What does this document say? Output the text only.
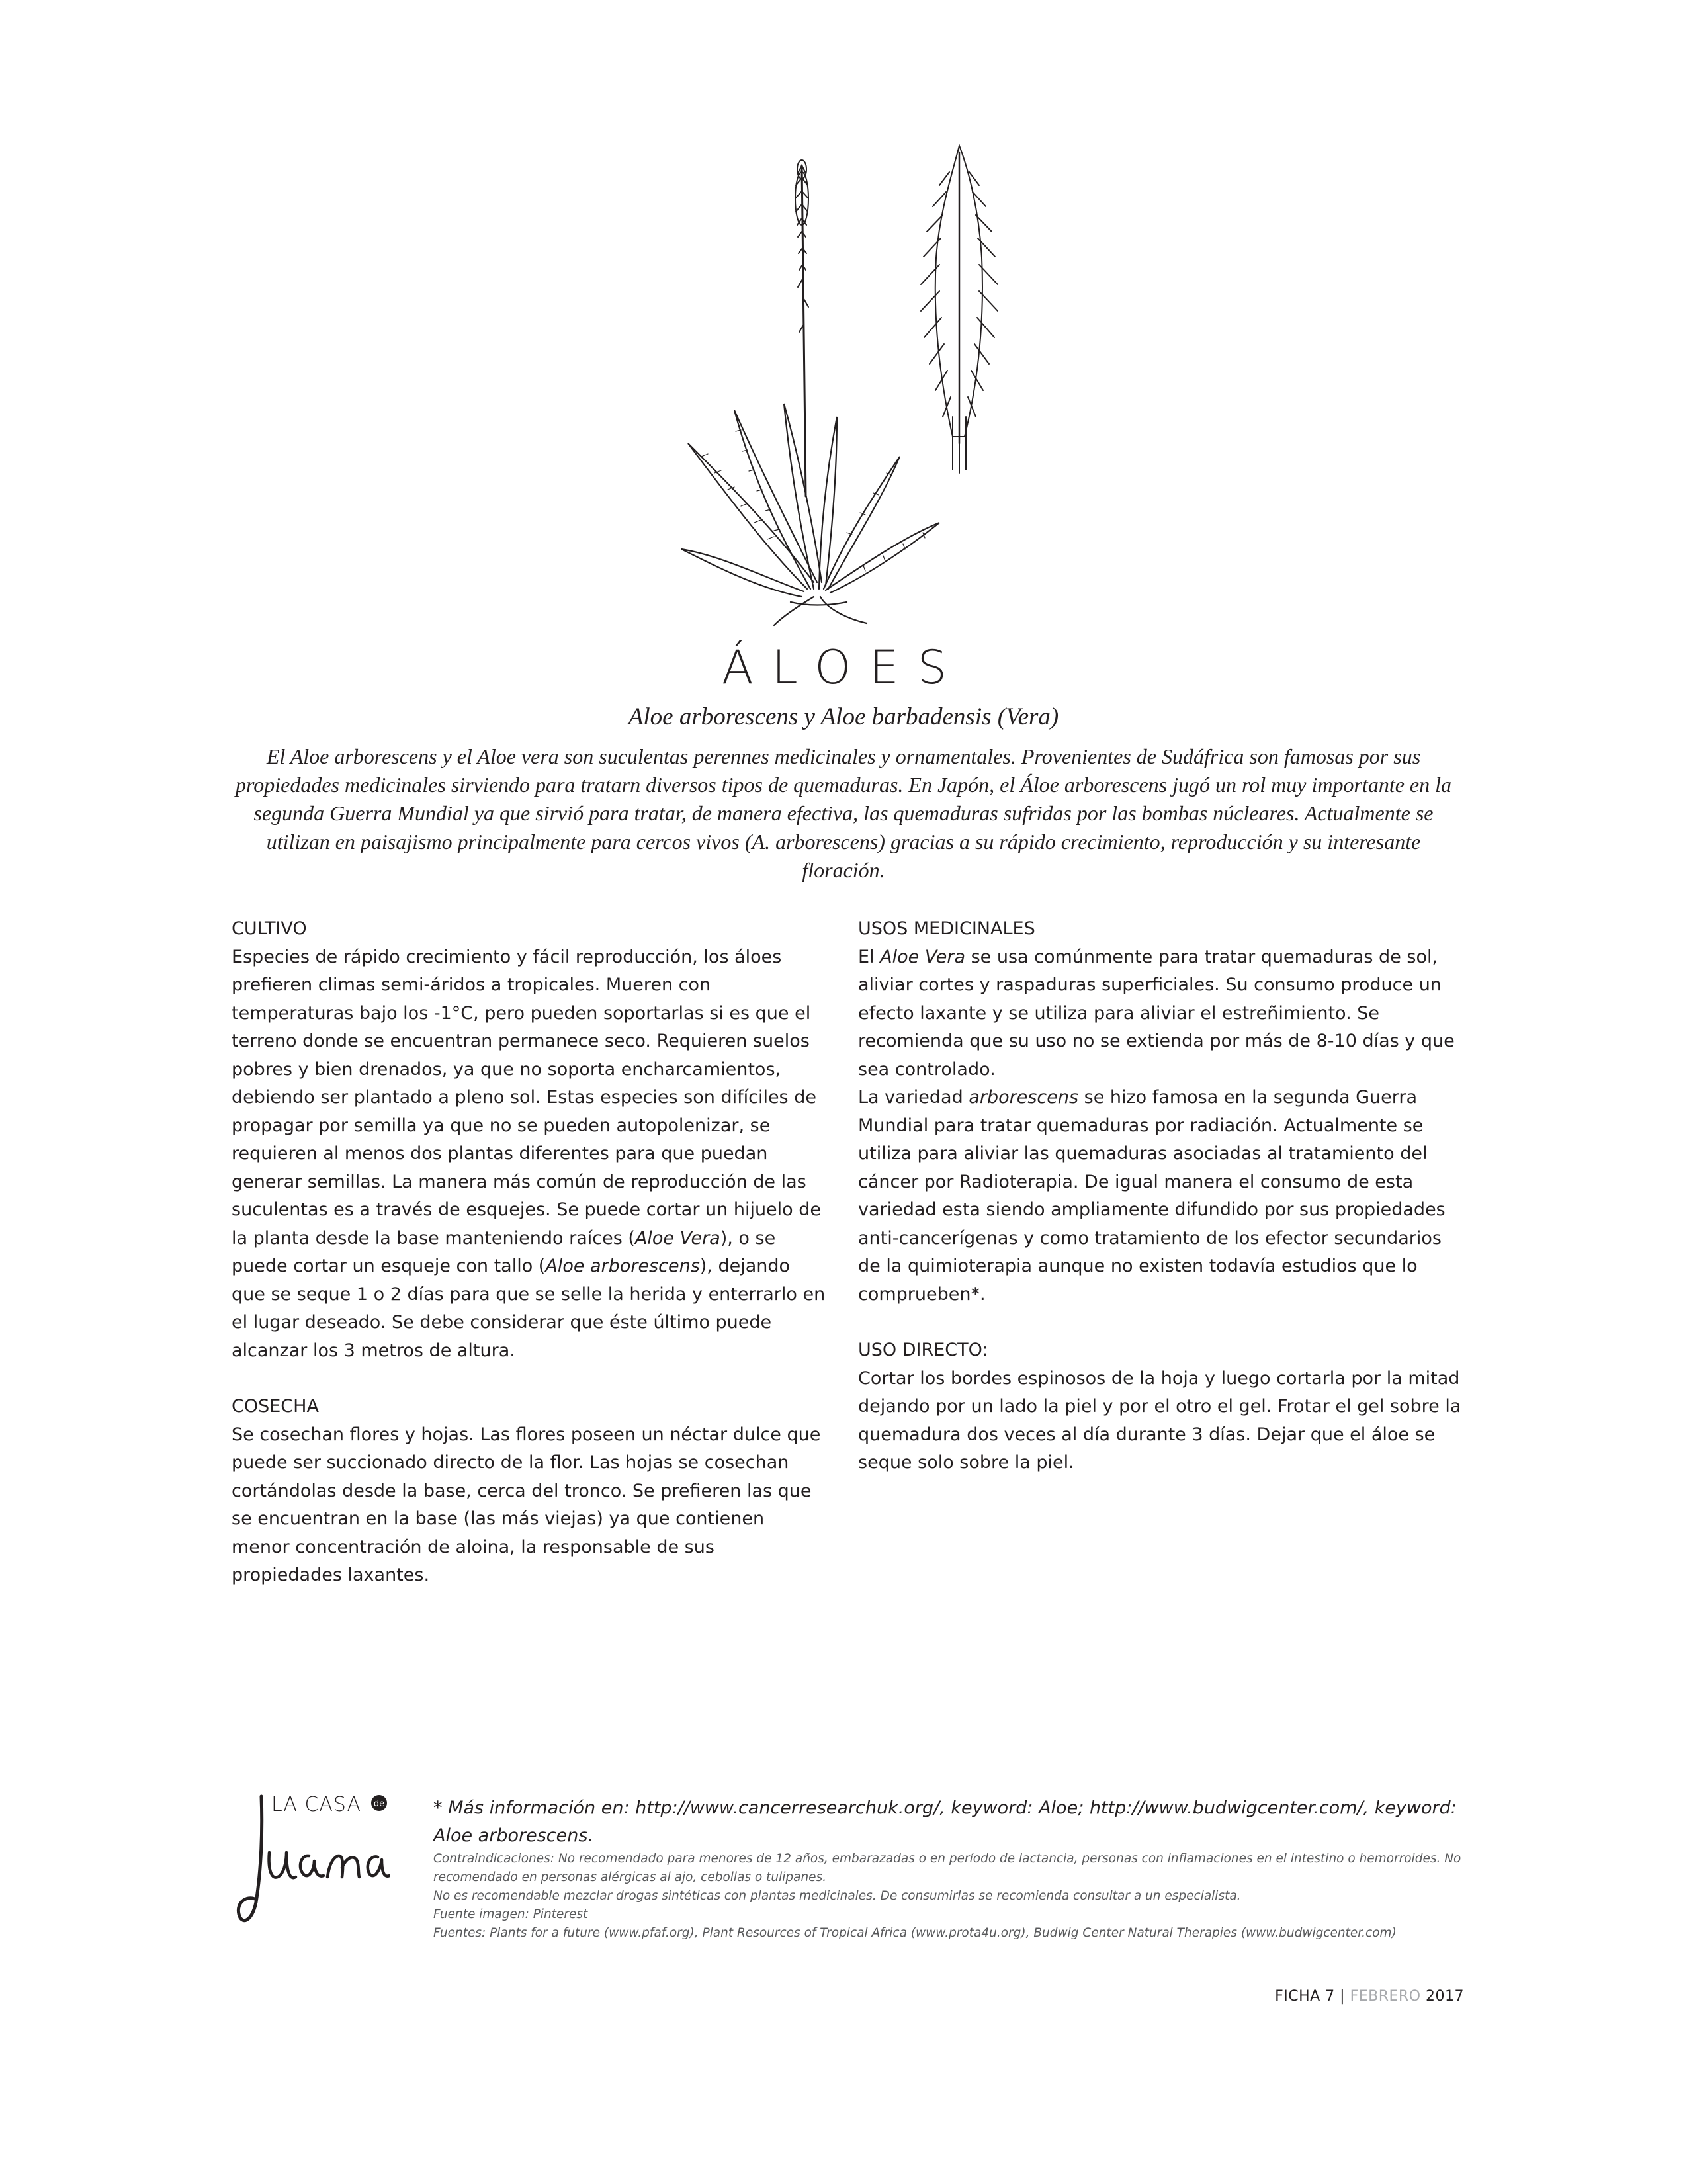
ÁLOES
Aloe arborescens y Aloe barbadensis (Vera)

El Aloe arborescens y el Aloe vera son suculentas perennes medicinales y ornamentales. Provenientes de Sudáfrica son famosas por sus propiedades medicinales sirviendo para tratarn diversos tipos de quemaduras. En Japón, el Áloe arborescens jugó un rol muy importante en la segunda Guerra Mundial ya que sirvió para tratar, de manera efectiva, las quemaduras sufridas por las bombas núcleares. Actualmente se utilizan en paisajismo principalmente para cercos vivos (A. arborescens) gracias a su rápido crecimiento, reproducción y su interesante floración.

CULTIVO

Especies de rápido crecimiento y fácil reproducción, los áloes prefieren climas semi-áridos a tropicales. Mueren con temperaturas bajo los -1°C, pero pueden soportarlas si es que el terreno donde se encuentran permanece seco. Requieren suelos pobres y bien drenados, ya que no soporta encharcamientos, debiendo ser plantado a pleno sol. Estas especies son difíciles de propagar por semilla ya que no se pueden autopolenizar, se requieren al menos dos plantas diferentes para que puedan generar semillas. La manera más común de reproducción de las suculentas es a través de esquejes. Se puede cortar un hijuelo de la planta desde la base manteniendo raíces (Aloe Vera), o se puede cortar un esqueje con tallo (Aloe arborescens), dejando que se seque 1 o 2 días para que se selle la herida y enterrarlo en el lugar deseado. Se debe considerar que éste último puede alcanzar los 3 metros de altura.

COSECHA

Se cosechan flores y hojas. Las flores poseen un néctar dulce que puede ser succionado directo de la flor. Las hojas se cosechan cortándolas desde la base, cerca del tronco. Se prefieren las que se encuentran en la base (las más viejas) ya que contienen menor concentración de aloina, la responsable de sus propiedades laxantes.

USOS MEDICINALES

El Aloe Vera se usa comúnmente para tratar quemaduras de sol, aliviar cortes y raspaduras superficiales. Su consumo produce un efecto laxante y se utiliza para aliviar el estreñimiento. Se recomienda que su uso no se extienda por más de 8-10 días y que sea controlado.

La variedad arborescens se hizo famosa en la segunda Guerra Mundial para tratar quemaduras por radiación. Actualmente se utiliza para aliviar las quemaduras asociadas al tratamiento del cáncer por Radioterapia. De igual manera el consumo de esta variedad esta siendo ampliamente difundido por sus propiedades anti-cancerígenas y como tratamiento de los efector secundarios de la quimioterapia aunque no existen todavía estudios que lo comprueben*.

USO DIRECTO:

Cortar los bordes espinosos de la hoja y luego cortarla por la mitad dejando por un lado la piel y por el otro el gel. Frotar el gel sobre la quemadura dos veces al día durante 3 días. Dejar que el áloe se seque solo sobre la piel.

LA CASA de	* Más información en: http://www.cancerresearchuk.org/, keyword: Aloe; http://www.budwigcenter.com/, keyword: Aloe arborescens.

Contraindicaciones: No recomendado para menores de 12 años, embarazadas o en período de lactancia, personas con inflamaciones en el intestino o hemorroides. No recomendado en personas alérgicas al ajo, cebollas o tulipanes.

No es recomendable mezclar drogas sintéticas con plantas medicinales. De consumirlas se recomienda consultar a un especialista.

Fuente imagen: Pinterest

Fuentes: Plants for a future (www.pfaf.org), Plant Resources of Tropical Africa (www.prota4u.org), Budwig Center Natural Therapies (www.budwigcenter.com)

FICHA 7 | FEBRERO 2017
